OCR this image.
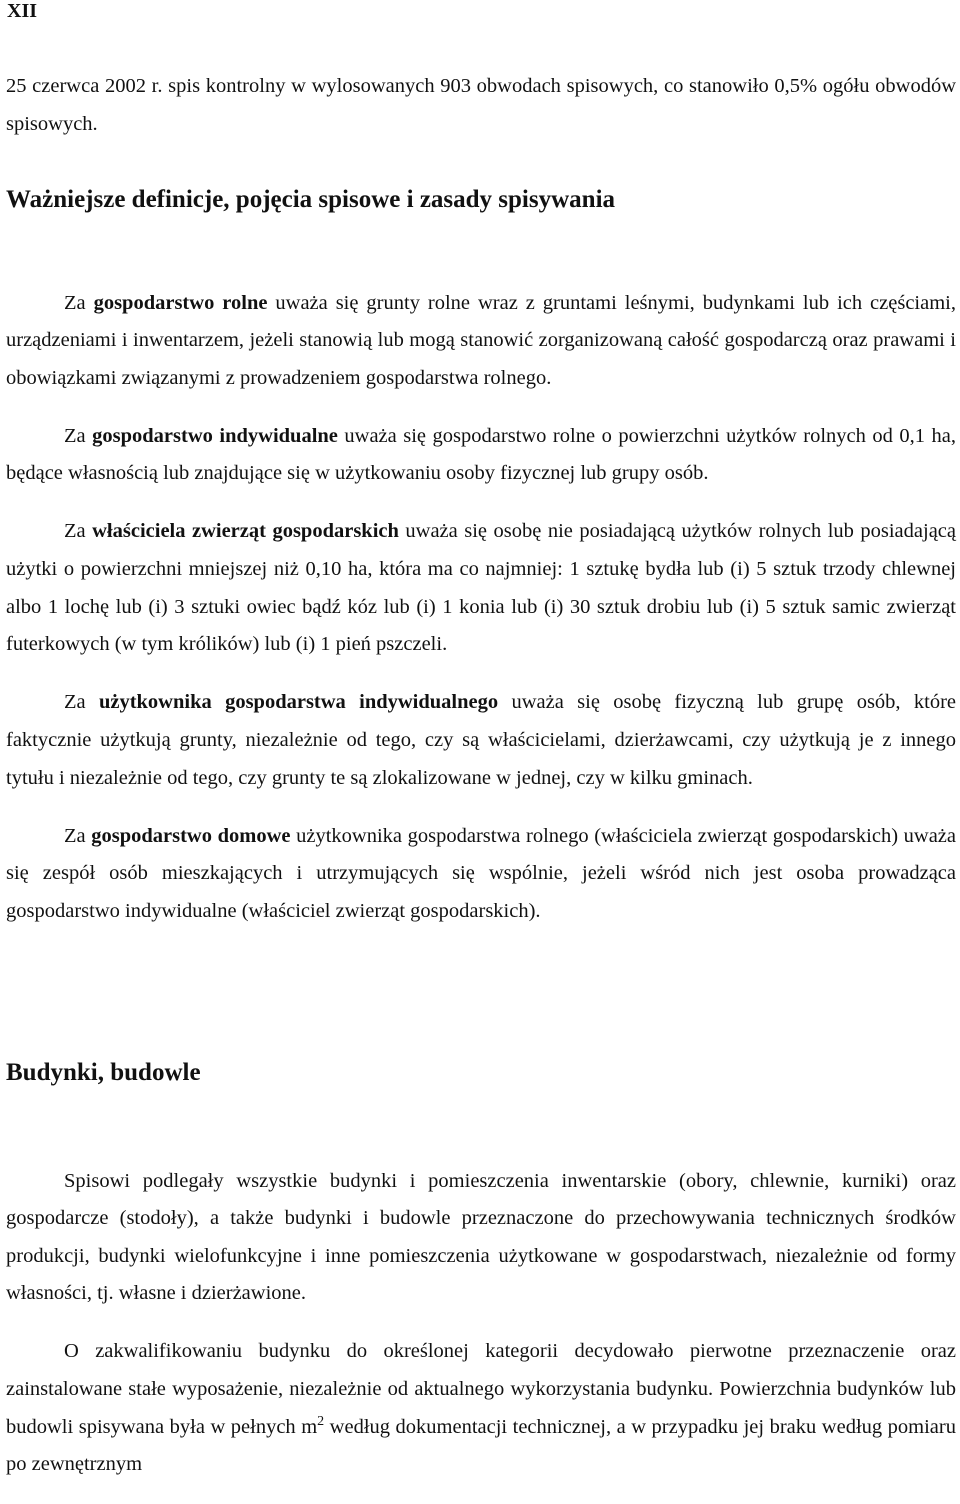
XII

25 czerwca 2002 r. spis kontrolny w wylosowanych 903 obwodach spisowych, co stanowiło 0,5% ogółu obwodów spisowych.

Ważniejsze definicje, pojęcia spisowe i zasady spisywania

Za gospodarstwo rolne uważa się grunty rolne wraz z gruntami leśnymi, budynkami lub ich częściami, urządzeniami i inwentarzem, jeżeli stanowią lub mogą stanowić zorganizowaną całość gospodarczą oraz prawami i obowiązkami związanymi z prowadzeniem gospodarstwa rolnego.

Za gospodarstwo indywidualne uważa się gospodarstwo rolne o powierzchni użytków rolnych od 0,1 ha, będące własnością lub znajdujące się w użytkowaniu osoby fizycznej lub grupy osób.

Za właściciela zwierząt gospodarskich uważa się osobę nie posiadającą użytków rolnych lub posiadającą użytki o powierzchni mniejszej niż 0,10 ha, która ma co najmniej: 1 sztukę bydła lub (i) 5 sztuk trzody chlewnej albo 1 lochę lub (i) 3 sztuki owiec bądź kóz lub (i) 1 konia lub (i) 30 sztuk drobiu lub (i) 5 sztuk samic zwierząt futerkowych (w tym królików) lub (i) 1 pień pszczeli.

Za użytkownika gospodarstwa indywidualnego uważa się osobę fizyczną lub grupę osób, które faktycznie użytkują grunty, niezależnie od tego, czy są właścicielami, dzierżawcami, czy użytkują je z innego tytułu i niezależnie od tego, czy grunty te są zlokalizowane w jednej, czy w kilku gminach.

Za gospodarstwo domowe użytkownika gospodarstwa rolnego (właściciela zwierząt gospodarskich) uważa się zespół osób mieszkających i utrzymujących się wspólnie, jeżeli wśród nich jest osoba prowadząca gospodarstwo indywidualne (właściciel zwierząt gospodarskich).

Budynki, budowle

Spisowi podlegały wszystkie budynki i pomieszczenia inwentarskie (obory, chlewnie, kurniki) oraz gospodarcze (stodoły), a także budynki i budowle przeznaczone do przechowywania technicznych środków produkcji, budynki wielofunkcyjne i inne pomieszczenia użytkowane w gospodarstwach, niezależnie od formy własności, tj. własne i dzierżawione.

O zakwalifikowaniu budynku do określonej kategorii decydowało pierwotne przeznaczenie oraz zainstalowane stałe wyposażenie, niezależnie od aktualnego wykorzystania budynku. Powierzchnia budynków lub budowli spisywana była w pełnych $m^2$ według dokumentacji technicznej, a w przypadku jej braku według pomiaru po zewnętrznym
